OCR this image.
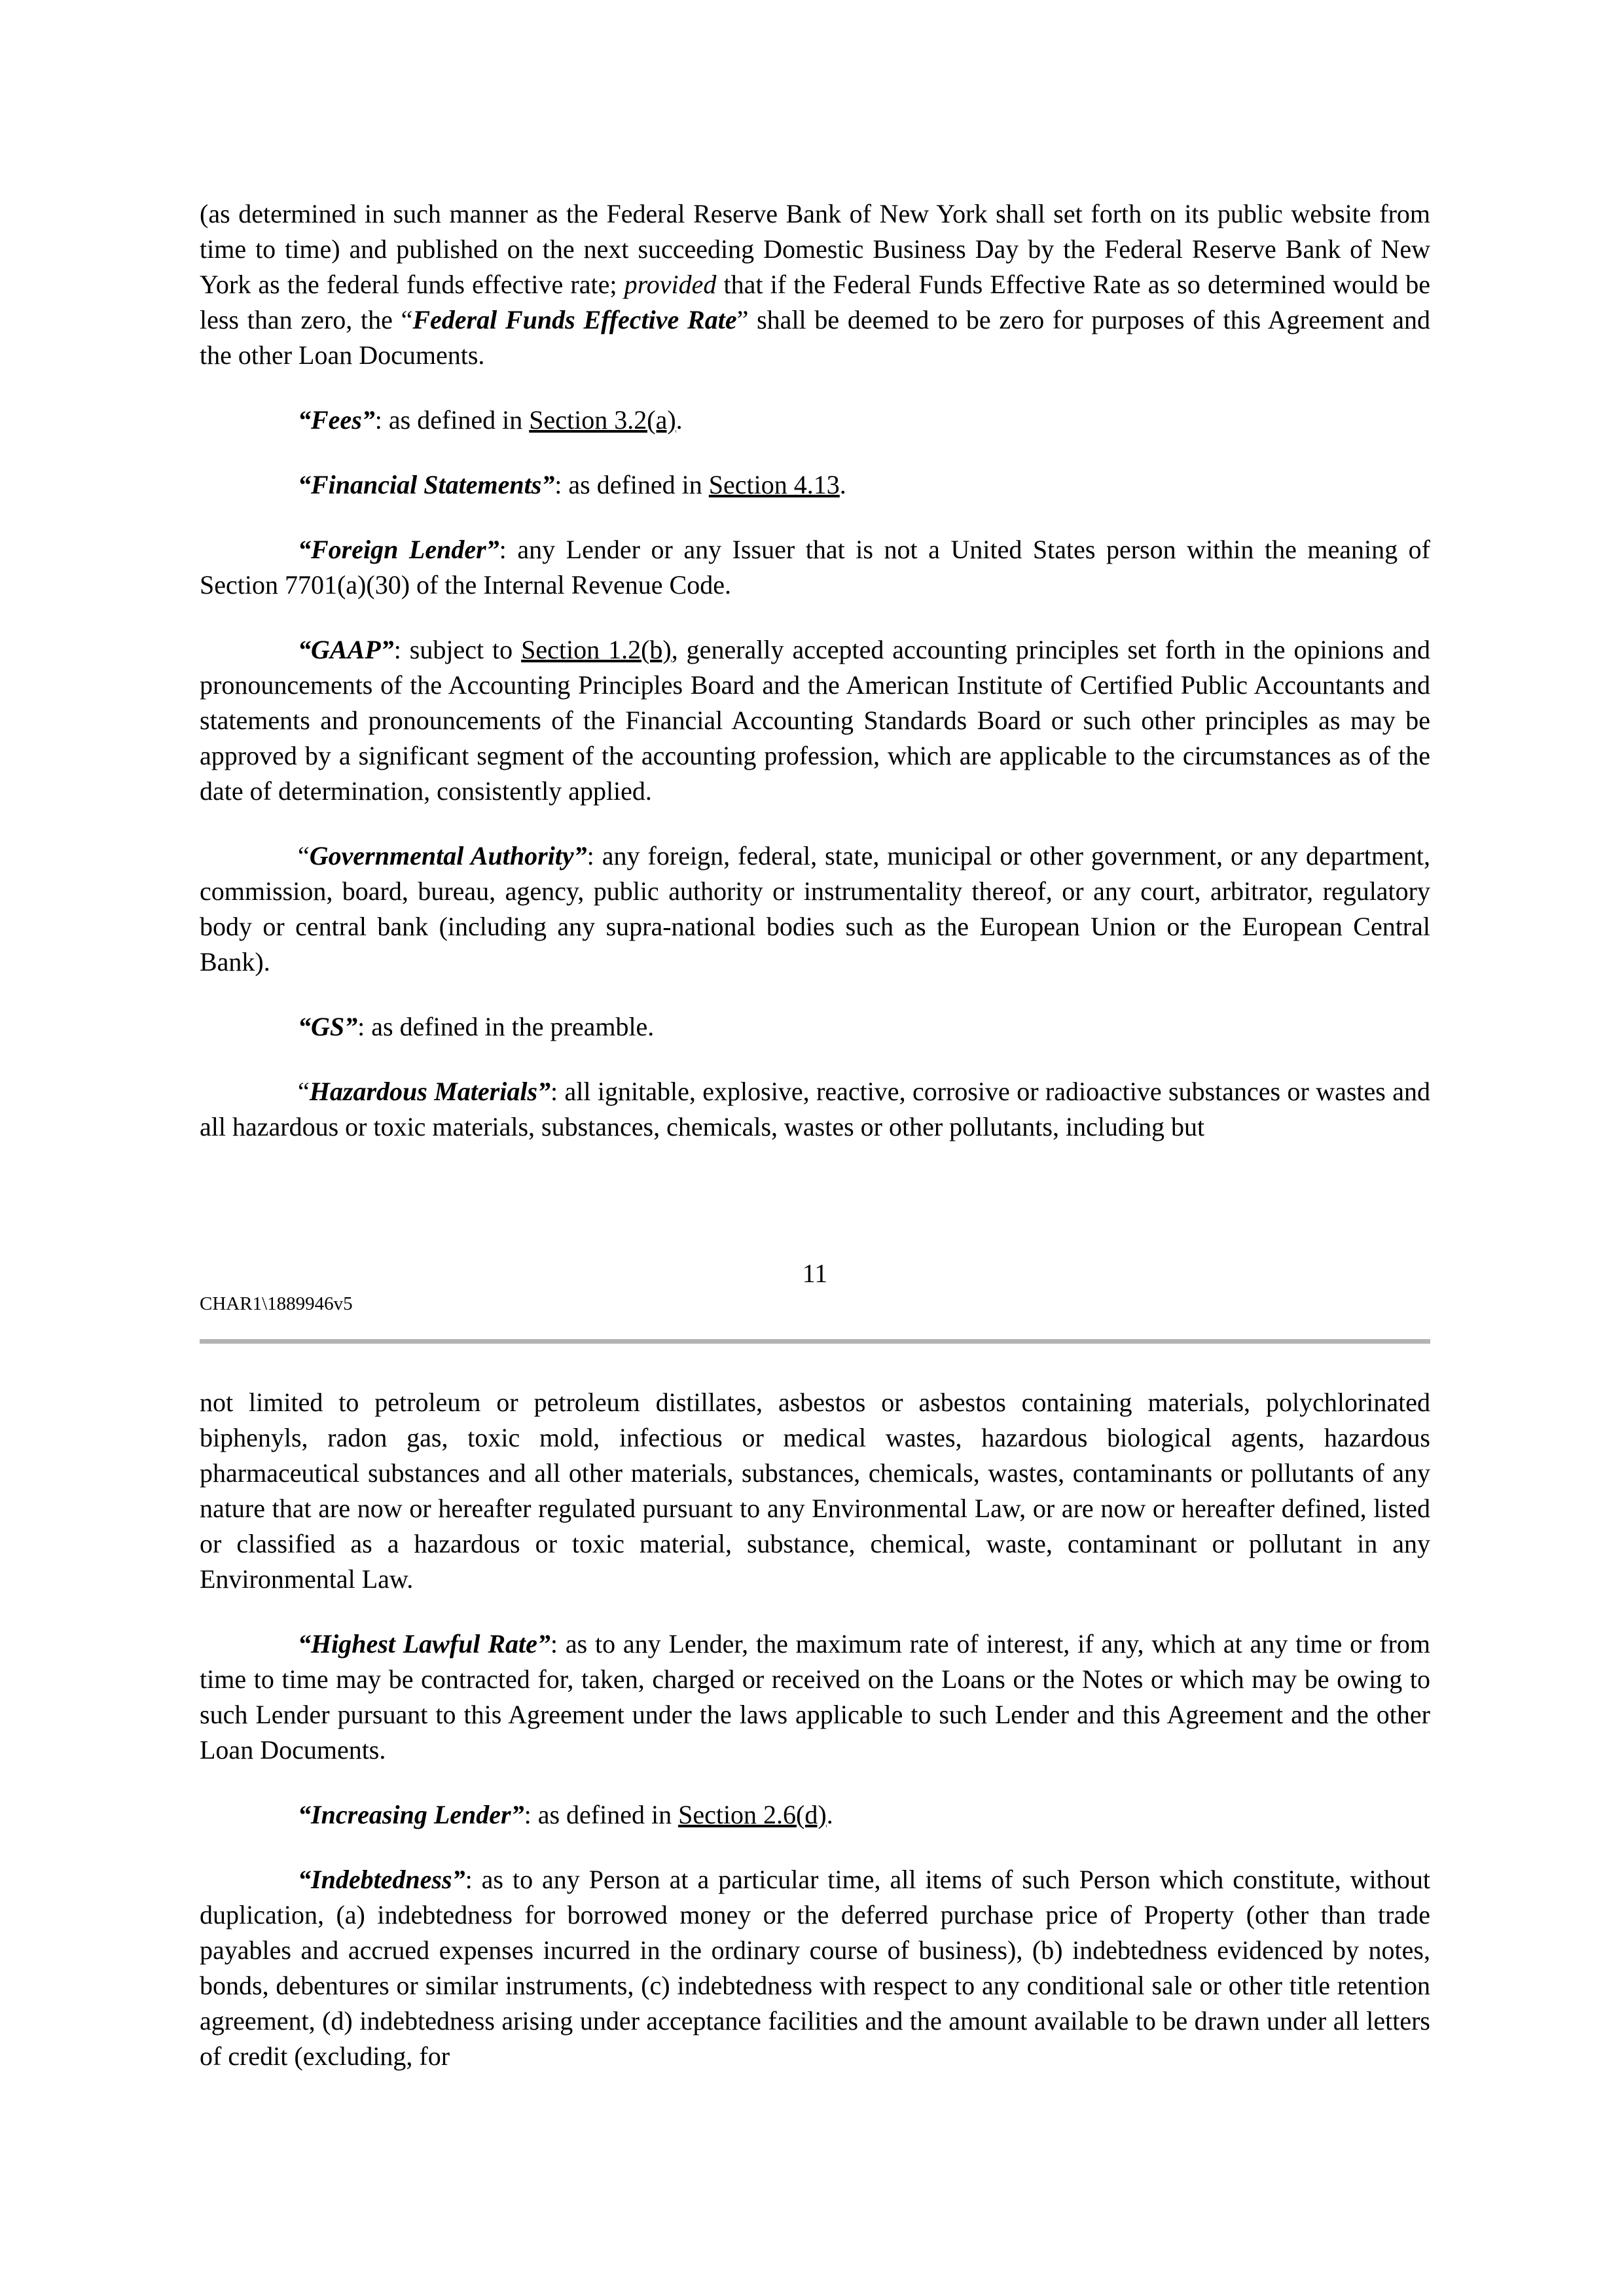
(as determined in such manner as the Federal Reserve Bank of New York shall set forth on its public website from time to time) and published on the next succeeding Domestic Business Day by the Federal Reserve Bank of New York as the federal funds effective rate; provided that if the Federal Funds Effective Rate as so determined would be less than zero, the “Federal Funds Effective Rate” shall be deemed to be zero for purposes of this Agreement and the other Loan Documents.

“Fees”: as defined in Section 3.2(a).

“Financial Statements”: as defined in Section 4.13.

“Foreign Lender”: any Lender or any Issuer that is not a United States person within the meaning of Section 7701(a)(30) of the Internal Revenue Code.

“GAAP”: subject to Section 1.2(b), generally accepted accounting principles set forth in the opinions and pronouncements of the Accounting Principles Board and the American Institute of Certified Public Accountants and statements and pronouncements of the Financial Accounting Standards Board or such other principles as may be approved by a significant segment of the accounting profession, which are applicable to the circumstances as of the date of determination, consistently applied.

“Governmental Authority”: any foreign, federal, state, municipal or other government, or any department, commission, board, bureau, agency, public authority or instrumentality thereof, or any court, arbitrator, regulatory body or central bank (including any supra-national bodies such as the European Union or the European Central Bank).

“GS”: as defined in the preamble.

“Hazardous Materials”: all ignitable, explosive, reactive, corrosive or radioactive substances or wastes and all hazardous or toxic materials, substances, chemicals, wastes or other pollutants, including but

11
CHAR1\1889946v5

not limited to petroleum or petroleum distillates, asbestos or asbestos containing materials, polychlorinated biphenyls, radon gas, toxic mold, infectious or medical wastes, hazardous biological agents, hazardous pharmaceutical substances and all other materials, substances, chemicals, wastes, contaminants or pollutants of any nature that are now or hereafter regulated pursuant to any Environmental Law, or are now or hereafter defined, listed or classified as a hazardous or toxic material, substance, chemical, waste, contaminant or pollutant in any Environmental Law.

“Highest Lawful Rate”: as to any Lender, the maximum rate of interest, if any, which at any time or from time to time may be contracted for, taken, charged or received on the Loans or the Notes or which may be owing to such Lender pursuant to this Agreement under the laws applicable to such Lender and this Agreement and the other Loan Documents.

“Increasing Lender”: as defined in Section 2.6(d).

“Indebtedness”: as to any Person at a particular time, all items of such Person which constitute, without duplication, (a) indebtedness for borrowed money or the deferred purchase price of Property (other than trade payables and accrued expenses incurred in the ordinary course of business), (b) indebtedness evidenced by notes, bonds, debentures or similar instruments, (c) indebtedness with respect to any conditional sale or other title retention agreement, (d) indebtedness arising under acceptance facilities and the amount available to be drawn under all letters of credit (excluding, for
